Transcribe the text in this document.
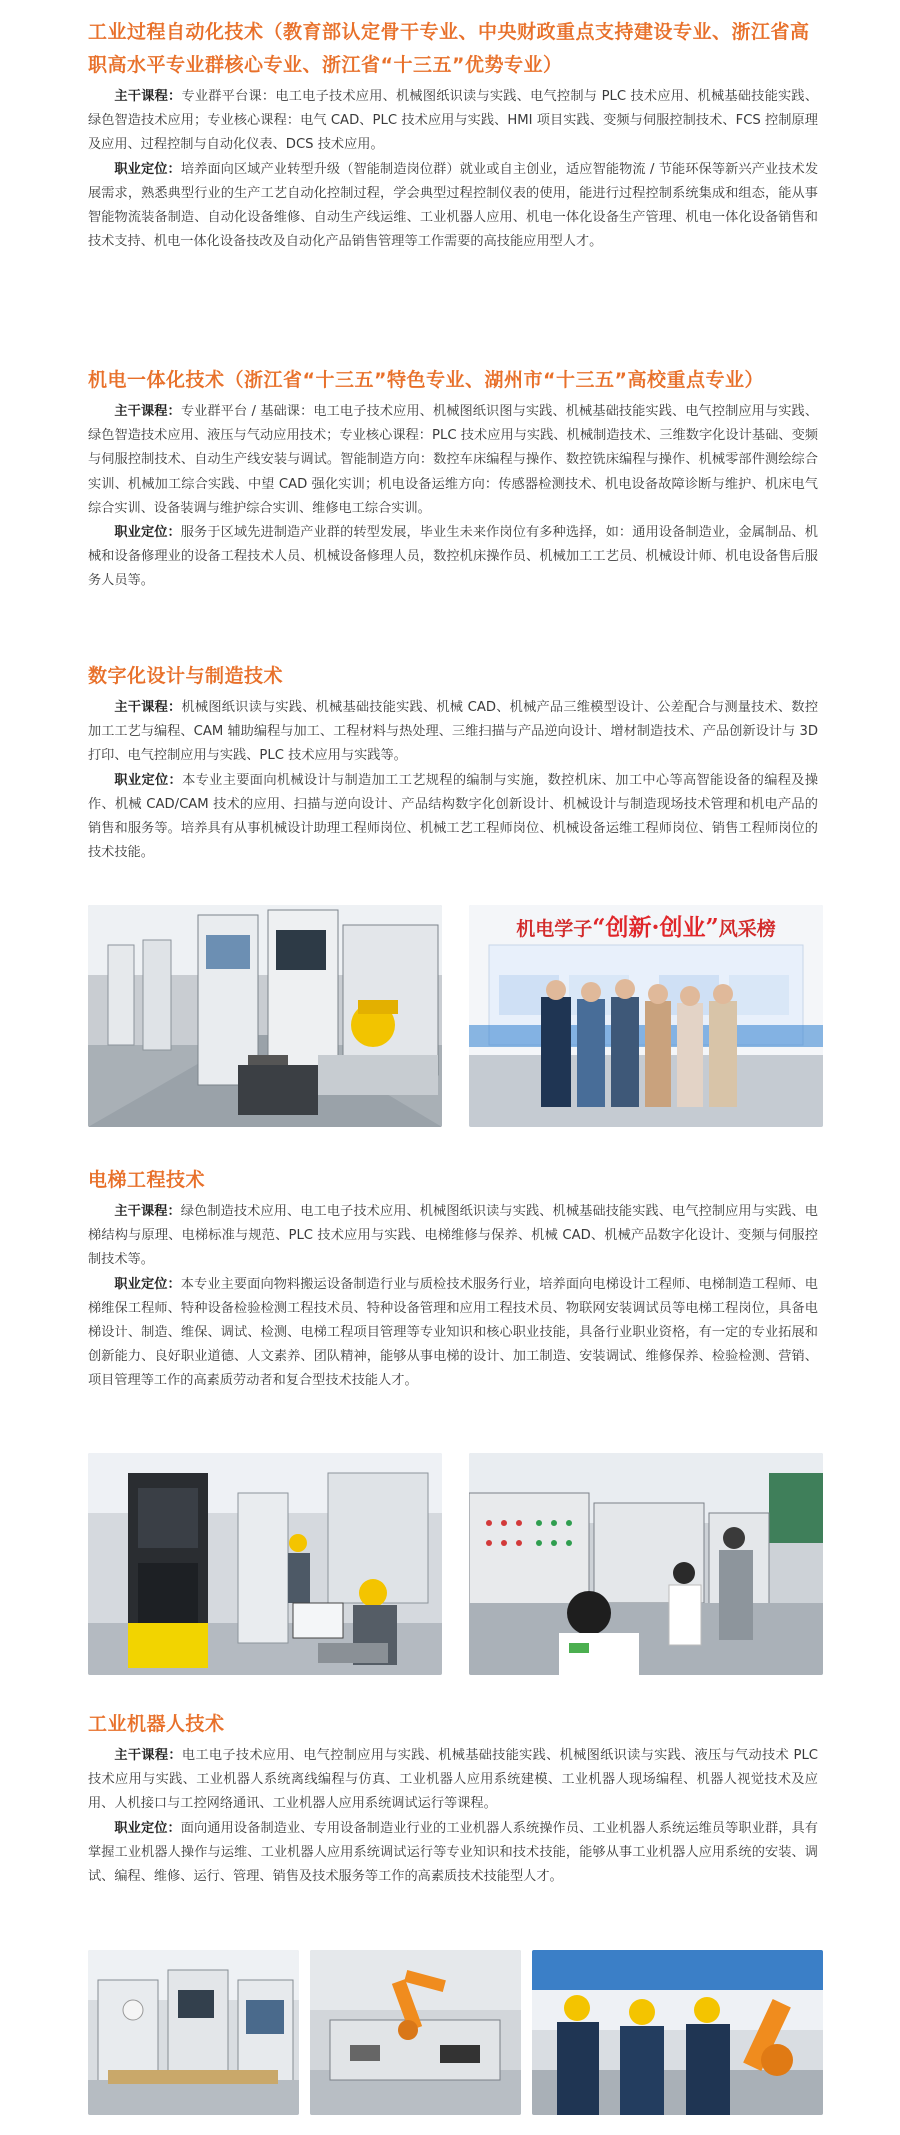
工业过程自动化技术（教育部认定骨干专业、中央财政重点支持建设专业、浙江省高职高水平专业群核心专业、浙江省“十三五”优势专业）

主干课程：专业群平台课：电工电子技术应用、机械图纸识读与实践、电气控制与 PLC 技术应用、机械基础技能实践、绿色智造技术应用；专业核心课程：电气 CAD、PLC 技术应用与实践、HMI 项目实践、变频与伺服控制技术、FCS 控制原理及应用、过程控制与自动化仪表、DCS 技术应用。

职业定位：培养面向区域产业转型升级（智能制造岗位群）就业或自主创业，适应智能物流 / 节能环保等新兴产业技术发展需求，熟悉典型行业的生产工艺自动化控制过程，学会典型过程控制仪表的使用，能进行过程控制系统集成和组态，能从事智能物流装备制造、自动化设备维修、自动生产线运维、工业机器人应用、机电一体化设备生产管理、机电一体化设备销售和技术支持、机电一体化设备技改及自动化产品销售管理等工作需要的高技能应用型人才。

机电一体化技术（浙江省“十三五”特色专业、湖州市“十三五”高校重点专业）

主干课程：专业群平台 / 基础课：电工电子技术应用、机械图纸识图与实践、机械基础技能实践、电气控制应用与实践、绿色智造技术应用、液压与气动应用技术；专业核心课程：PLC 技术应用与实践、机械制造技术、三维数字化设计基础、变频与伺服控制技术、自动生产线安装与调试。智能制造方向：数控车床编程与操作、数控铣床编程与操作、机械零部件测绘综合实训、机械加工综合实践、中望 CAD 强化实训；机电设备运维方向：传感器检测技术、机电设备故障诊断与维护、机床电气综合实训、设备装调与维护综合实训、维修电工综合实训。

职业定位：服务于区域先进制造产业群的转型发展，毕业生未来作岗位有多种选择，如：通用设备制造业，金属制品、机械和设备修理业的设备工程技术人员、机械设备修理人员，数控机床操作员、机械加工工艺员、机械设计师、机电设备售后服务人员等。

数字化设计与制造技术

主干课程：机械图纸识读与实践、机械基础技能实践、机械 CAD、机械产品三维模型设计、公差配合与测量技术、数控加工工艺与编程、CAM 辅助编程与加工、工程材料与热处理、三维扫描与产品逆向设计、增材制造技术、产品创新设计与 3D 打印、电气控制应用与实践、PLC 技术应用与实践等。

职业定位：本专业主要面向机械设计与制造加工工艺规程的编制与实施，数控机床、加工中心等高智能设备的编程及操作、机械 CAD/CAM 技术的应用、扫描与逆向设计、产品结构数字化创新设计、机械设计与制造现场技术管理和机电产品的销售和服务等。培养具有从事机械设计助理工程师岗位、机械工艺工程师岗位、机械设备运维工程师岗位、销售工程师岗位的技术技能。

机电学子“创新·创业”风采榜
电梯工程技术

主干课程：绿色制造技术应用、电工电子技术应用、机械图纸识读与实践、机械基础技能实践、电气控制应用与实践、电梯结构与原理、电梯标准与规范、PLC 技术应用与实践、电梯维修与保养、机械 CAD、机械产品数字化设计、变频与伺服控制技术等。

职业定位：本专业主要面向物料搬运设备制造行业与质检技术服务行业，培养面向电梯设计工程师、电梯制造工程师、电梯维保工程师、特种设备检验检测工程技术员、特种设备管理和应用工程技术员、物联网安装调试员等电梯工程岗位，具备电梯设计、制造、维保、调试、检测、电梯工程项目管理等专业知识和核心职业技能，具备行业职业资格，有一定的专业拓展和创新能力、良好职业道德、人文素养、团队精神，能够从事电梯的设计、加工制造、安装调试、维修保养、检验检测、营销、项目管理等工作的高素质劳动者和复合型技术技能人才。

工业机器人技术

主干课程：电工电子技术应用、电气控制应用与实践、机械基础技能实践、机械图纸识读与实践、液压与气动技术 PLC 技术应用与实践、工业机器人系统离线编程与仿真、工业机器人应用系统建模、工业机器人现场编程、机器人视觉技术及应用、人机接口与工控网络通讯、工业机器人应用系统调试运行等课程。

职业定位：面向通用设备制造业、专用设备制造业行业的工业机器人系统操作员、工业机器人系统运维员等职业群，具有掌握工业机器人操作与运维、工业机器人应用系统调试运行等专业知识和技术技能，能够从事工业机器人应用系统的安装、调试、编程、维修、运行、管理、销售及技术服务等工作的高素质技术技能型人才。
